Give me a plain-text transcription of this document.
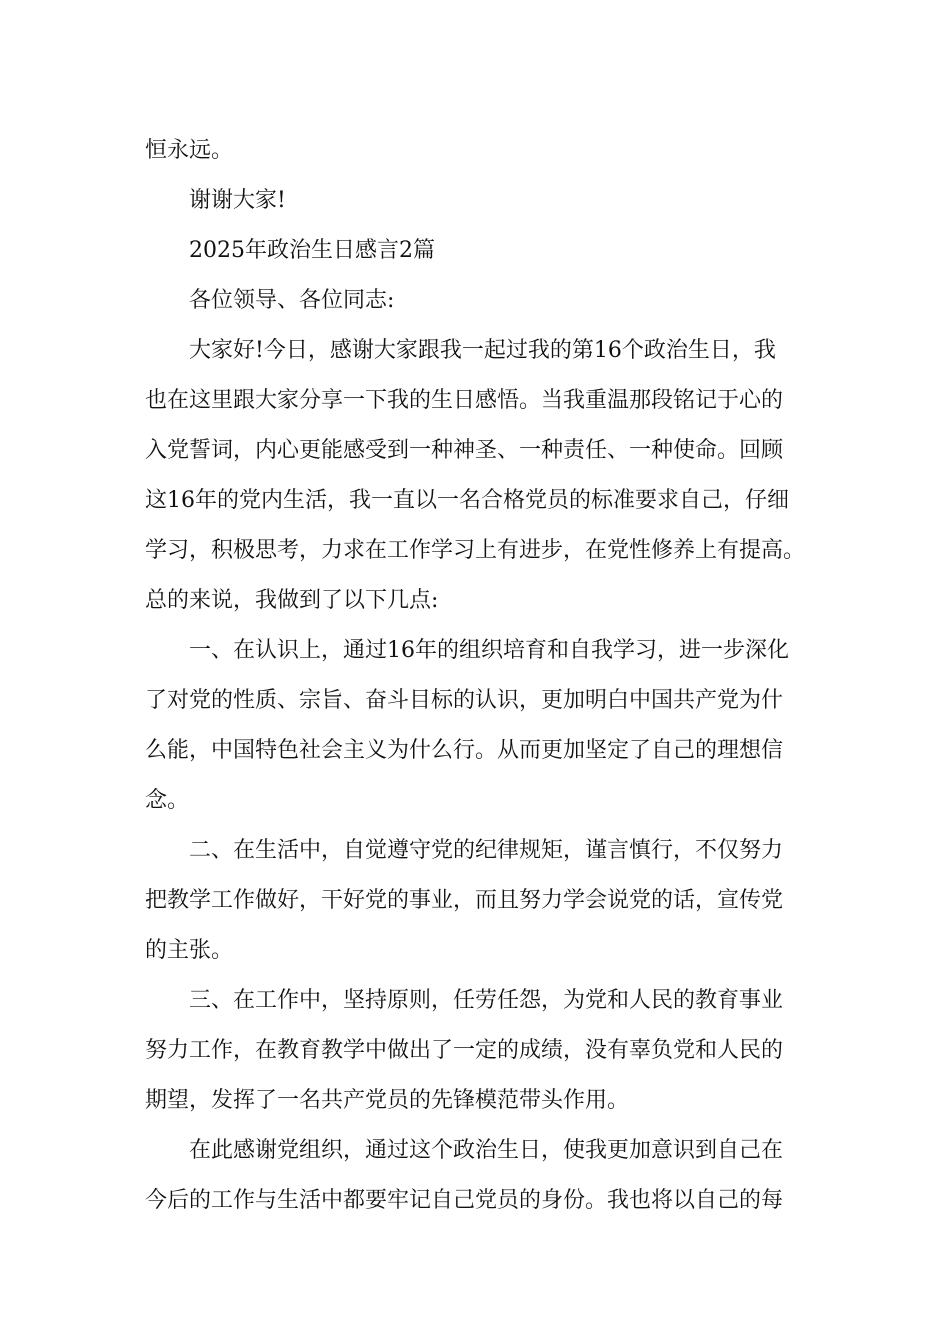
恒永远。
谢谢大家!
2025年政治生日感言2篇
各位领导、各位同志:
大家好!今日，感谢大家跟我一起过我的第16个政治生日，我
也在这里跟大家分享一下我的生日感悟。当我重温那段铭记于心的
入党誓词，内心更能感受到一种神圣、一种责任、一种使命。回顾
这16年的党内生活，我一直以一名合格党员的标准要求自己，仔细
学习，积极思考，力求在工作学习上有进步，在党性修养上有提高。
总的来说，我做到了以下几点:
一、在认识上，通过16年的组织培育和自我学习，进一步深化
了对党的性质、宗旨、奋斗目标的认识，更加明白中国共产党为什
么能，中国特色社会主义为什么行。从而更加坚定了自己的理想信
念。
二、在生活中，自觉遵守党的纪律规矩，谨言慎行，不仅努力
把教学工作做好，干好党的事业，而且努力学会说党的话，宣传党
的主张。
三、在工作中，坚持原则，任劳任怨，为党和人民的教育事业
努力工作，在教育教学中做出了一定的成绩，没有辜负党和人民的
期望，发挥了一名共产党员的先锋模范带头作用。
在此感谢党组织，通过这个政治生日，使我更加意识到自己在
今后的工作与生活中都要牢记自己党员的身份。我也将以自己的每
